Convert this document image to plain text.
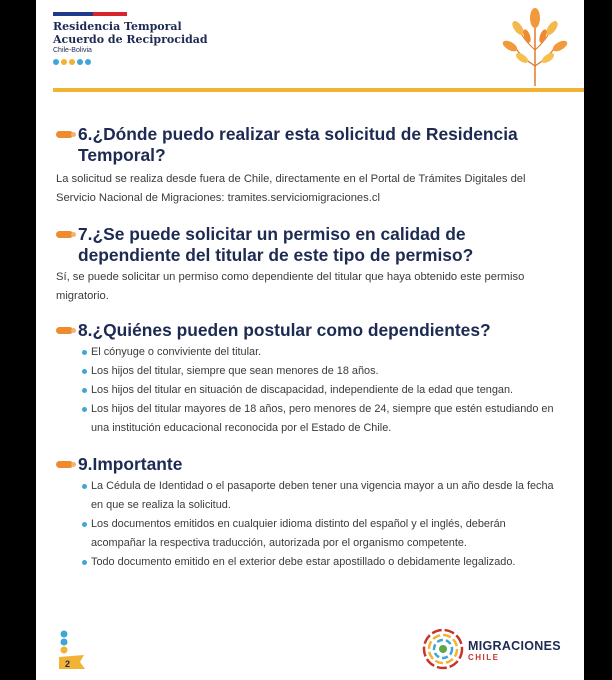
Residencia Temporal
Acuerdo de Reciprocidad
Chile-Bolivia
6.¿Dónde puedo realizar esta solicitud de Residencia Temporal?

La solicitud se realiza desde fuera de Chile, directamente en el Portal de Trámites Digitales del Servicio Nacional de Migraciones: tramites.serviciomigraciones.cl

7.¿Se puede solicitar un permiso en calidad de dependiente del titular de este tipo de permiso?

Sí, se puede solicitar un permiso como dependiente del titular que haya obtenido este permiso migratorio.

8.¿Quiénes pueden postular como dependientes?
El cónyuge o conviviente del titular.
Los hijos del titular, siempre que sean menores de 18 años.
Los hijos del titular en situación de discapacidad, independiente de la edad que tengan.
Los hijos del titular mayores de 18 años, pero menores de 24, siempre que estén estudiando en una institución educacional reconocida por el Estado de Chile.
9.Importante
La Cédula de Identidad o el pasaporte deben tener una vigencia mayor a un año desde la fecha en que se realiza la solicitud.
Los documentos emitidos en cualquier idioma distinto del español y el inglés, deberán acompañar la respectiva traducción, autorizada por el organismo competente.
Todo documento emitido en el exterior debe estar apostillado o debidamente legalizado.
2
MIGRACIONES
CHILE
